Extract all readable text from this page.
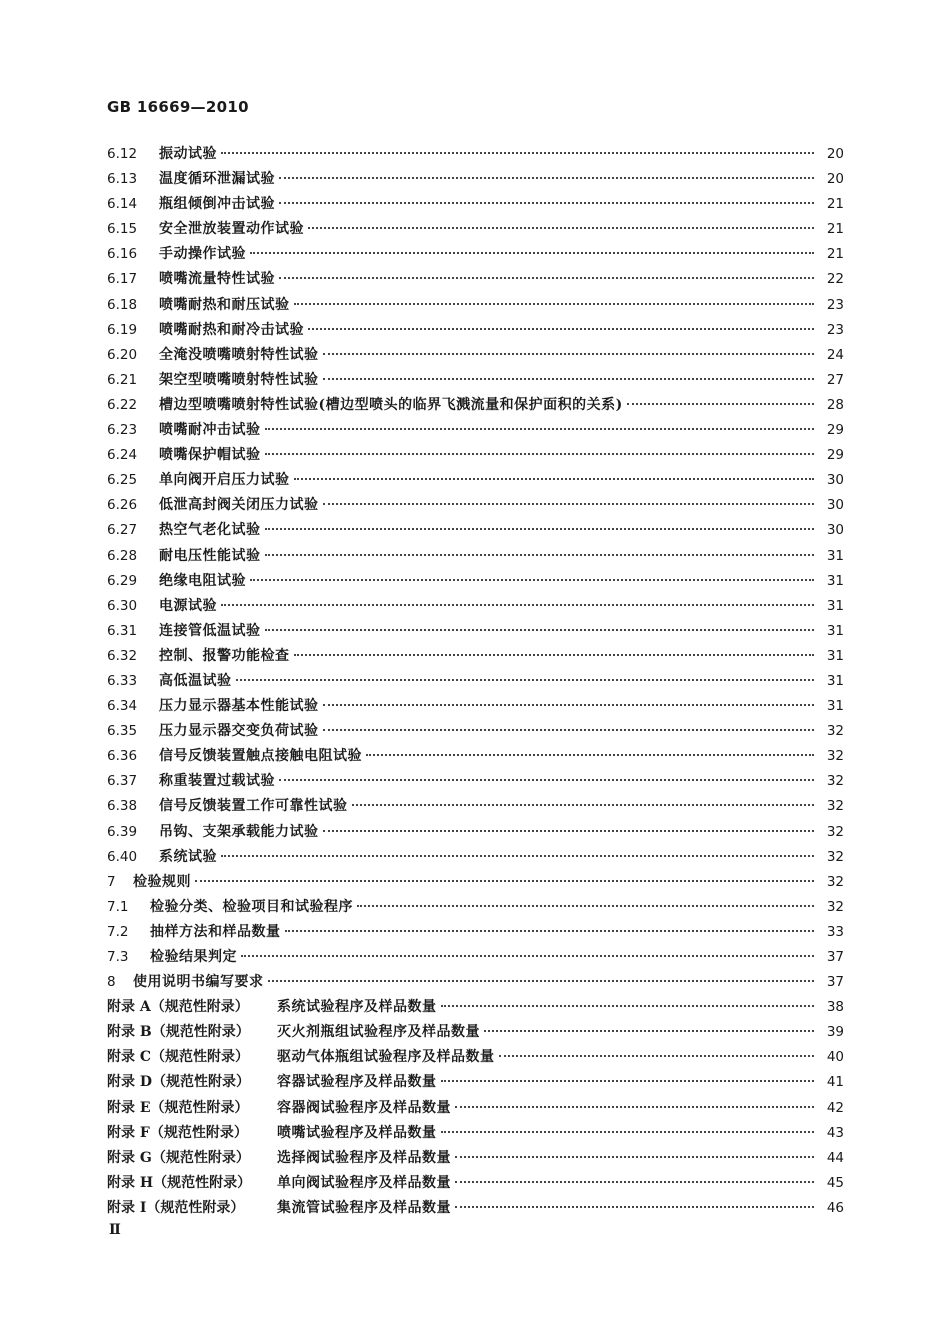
GB 16669—2010
6.12	振动试验	20
6.13	温度循环泄漏试验	20
6.14	瓶组倾倒冲击试验	21
6.15	安全泄放装置动作试验	21
6.16	手动操作试验	21
6.17	喷嘴流量特性试验	22
6.18	喷嘴耐热和耐压试验	23
6.19	喷嘴耐热和耐冷击试验	23
6.20	全淹没喷嘴喷射特性试验	24
6.21	架空型喷嘴喷射特性试验	27
6.22	槽边型喷嘴喷射特性试验(槽边型喷头的临界飞溅流量和保护面积的关系)	28
6.23	喷嘴耐冲击试验	29
6.24	喷嘴保护帽试验	29
6.25	单向阀开启压力试验	30
6.26	低泄高封阀关闭压力试验	30
6.27	热空气老化试验	30
6.28	耐电压性能试验	31
6.29	绝缘电阻试验	31
6.30	电源试验	31
6.31	连接管低温试验	31
6.32	控制、报警功能检查	31
6.33	高低温试验	31
6.34	压力显示器基本性能试验	31
6.35	压力显示器交变负荷试验	32
6.36	信号反馈装置触点接触电阻试验	32
6.37	称重装置过载试验	32
6.38	信号反馈装置工作可靠性试验	32
6.39	吊钩、支架承载能力试验	32
6.40	系统试验	32
7	检验规则	32
7.1	检验分类、检验项目和试验程序	32
7.2	抽样方法和样品数量	33
7.3	检验结果判定	37
8	使用说明书编写要求	37
附录 A（规范性附录）	系统试验程序及样品数量	38
附录 B（规范性附录）	灭火剂瓶组试验程序及样品数量	39
附录 C（规范性附录）	驱动气体瓶组试验程序及样品数量	40
附录 D（规范性附录）	容器试验程序及样品数量	41
附录 E（规范性附录）	容器阀试验程序及样品数量	42
附录 F（规范性附录）	喷嘴试验程序及样品数量	43
附录 G（规范性附录）	选择阀试验程序及样品数量	44
附录 H（规范性附录）	单向阀试验程序及样品数量	45
附录 I（规范性附录）	集流管试验程序及样品数量	46
Ⅱ
